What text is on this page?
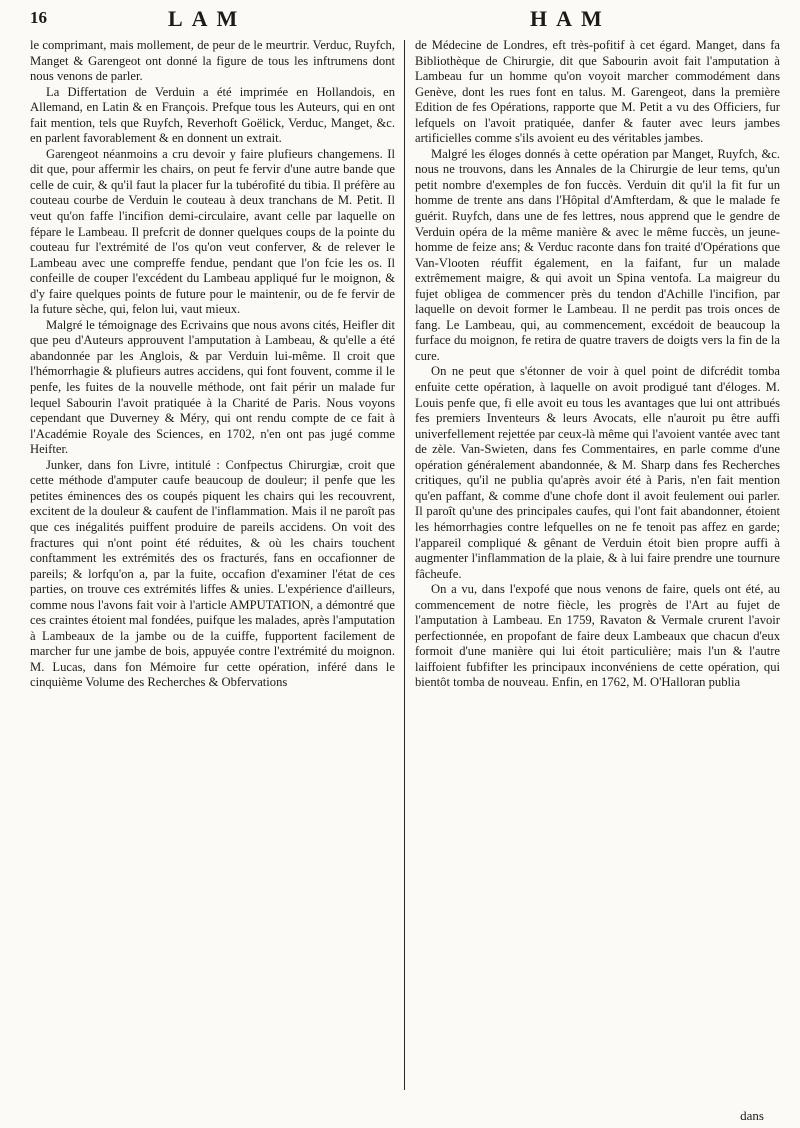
16	LAM	HAM

le comprimant, mais mollement, de peur de le meurtrir. Verduc, Ruyfch, Manget & Garengeot ont donné la figure de tous les inftrumens dont nous venons de parler.

La Differtation de Verduin a été imprimée en Hollandois, en Allemand, en Latin & en François. Prefque tous les Auteurs, qui en ont fait mention, tels que Ruyfch, Reverhoft Goëlick, Verduc, Manget, &c. en parlent favorablement & en donnent un extrait.

Garengeot néanmoins a cru devoir y faire plufieurs changemens. Il dit que, pour affermir les chairs, on peut fe fervir d'une autre bande que celle de cuir, & qu'il faut la placer fur la tubérofité du tibia. Il préfère au couteau courbe de Verduin le couteau à deux tranchans de M. Petit. Il veut qu'on faffe l'incifion demi-circulaire, avant celle par laquelle on fépare le Lambeau. Il prefcrit de donner quelques coups de la pointe du couteau fur l'extrémité de l'os qu'on veut conferver, & de relever le Lambeau avec une compreffe fendue, pendant que l'on fcie les os. Il confeille de couper l'excédent du Lambeau appliqué fur le moignon, & d'y faire quelques points de future pour le maintenir, ou de fe fervir de la future sèche, qui, felon lui, vaut mieux.

Malgré le témoignage des Ecrivains que nous avons cités, Heifler dit que peu d'Auteurs approuvent l'amputation à Lambeau, & qu'elle a été abandonnée par les Anglois, & par Verduin lui-même. Il croit que l'hémorrhagie & plufieurs autres accidens, qui font fouvent, comme il le penfe, les fuites de la nouvelle méthode, ont fait périr un malade fur lequel Sabourin l'avoit pratiquée à la Charité de Paris. Nous voyons cependant que Duverney & Méry, qui ont rendu compte de ce fait à l'Académie Royale des Sciences, en 1702, n'en ont pas jugé comme Heifter.

Junker, dans fon Livre, intitulé : Confpectus Chirurgiæ, croit que cette méthode d'amputer caufe beaucoup de douleur; il penfe que les petites éminences des os coupés piquent les chairs qui les recouvrent, excitent de la douleur & caufent de l'inflammation. Mais il ne paroît pas que ces inégalités puiffent produire de pareils accidens. On voit des fractures qui n'ont point été réduites, & où les chairs touchent conftamment les extrémités des os fracturés, fans en occafionner de pareils; & lorfqu'on a, par la fuite, occafion d'examiner l'état de ces parties, on trouve ces extrémités liffes & unies. L'expérience d'ailleurs, comme nous l'avons fait voir à l'article AMPUTATION, a démontré que ces craintes étoient mal fondées, puifque les malades, après l'amputation à Lambeaux de la jambe ou de la cuiffe, fupportent facilement de marcher fur une jambe de bois, appuyée contre l'extrémité du moignon. M. Lucas, dans fon Mémoire fur cette opération, inféré dans le cinquième Volume des Recherches & Obfervations

de Médecine de Londres, eft très-pofitif à cet égard. Manget, dans fa Bibliothèque de Chirurgie, dit que Sabourin avoit fait l'amputation à Lambeau fur un homme qu'on voyoit marcher commodément dans Genève, dont les rues font en talus. M. Garengeot, dans la première Edition de fes Opérations, rapporte que M. Petit a vu des Officiers, fur lefquels on l'avoit pratiquée, danfer & fauter avec leurs jambes artificielles comme s'ils avoient eu des véritables jambes.

Malgré les éloges donnés à cette opération par Manget, Ruyfch, &c. nous ne trouvons, dans les Annales de la Chirurgie de leur tems, qu'un petit nombre d'exemples de fon fuccès. Verduin dit qu'il la fit fur un homme de trente ans dans l'Hôpital d'Amfterdam, & que le malade fe guérit. Ruyfch, dans une de fes lettres, nous apprend que le gendre de Verduin opéra de la même manière & avec le même fuccès, un jeune-homme de feize ans; & Verduc raconte dans fon traité d'Opérations que Van-Vlooten réuffit également, en la faifant, fur un malade extrêmement maigre, & qui avoit un Spina ventofa. La maigreur du fujet obligea de commencer près du tendon d'Achille l'incifion, par laquelle on devoit former le Lambeau. Il ne perdit pas trois onces de fang. Le Lambeau, qui, au commencement, excédoit de beaucoup la furface du moignon, fe retira de quatre travers de doigts vers la fin de la cure.

On ne peut que s'étonner de voir à quel point de difcrédit tomba enfuite cette opération, à laquelle on avoit prodigué tant d'éloges. M. Louis penfe que, fi elle avoit eu tous les avantages que lui ont attribués fes premiers Inventeurs & leurs Avocats, elle n'auroit pu être auffi univerfellement rejettée par ceux-là même qui l'avoient vantée avec tant de zèle. Van-Swieten, dans fes Commentaires, en parle comme d'une opération généralement abandonnée, & M. Sharp dans fes Recherches critiques, qu'il ne publia qu'après avoir été à Paris, n'en fait mention qu'en paffant, & comme d'une chofe dont il avoit feulement oui parler. Il paroît qu'une des principales caufes, qui l'ont fait abandonner, étoient les hémorrhagies contre lefquelles on ne fe tenoit pas affez en garde; l'appareil compliqué & gênant de Verduin étoit bien propre auffi à augmenter l'inflammation de la plaie, & à lui faire prendre une tournure fâcheufe.

On a vu, dans l'expofé que nous venons de faire, quels ont été, au commencement de notre fiècle, les progrès de l'Art au fujet de l'amputation à Lambeau. En 1759, Ravaton & Vermale crurent l'avoir perfectionnée, en propofant de faire deux Lambeaux que chacun d'eux formoit d'une manière qui lui étoit particulière; mais l'un & l'autre laiffoient fubfifter les principaux inconvéniens de cette opération, qui bientôt tomba de nouveau. Enfin, en 1762, M. O'Halloran publia

dans
